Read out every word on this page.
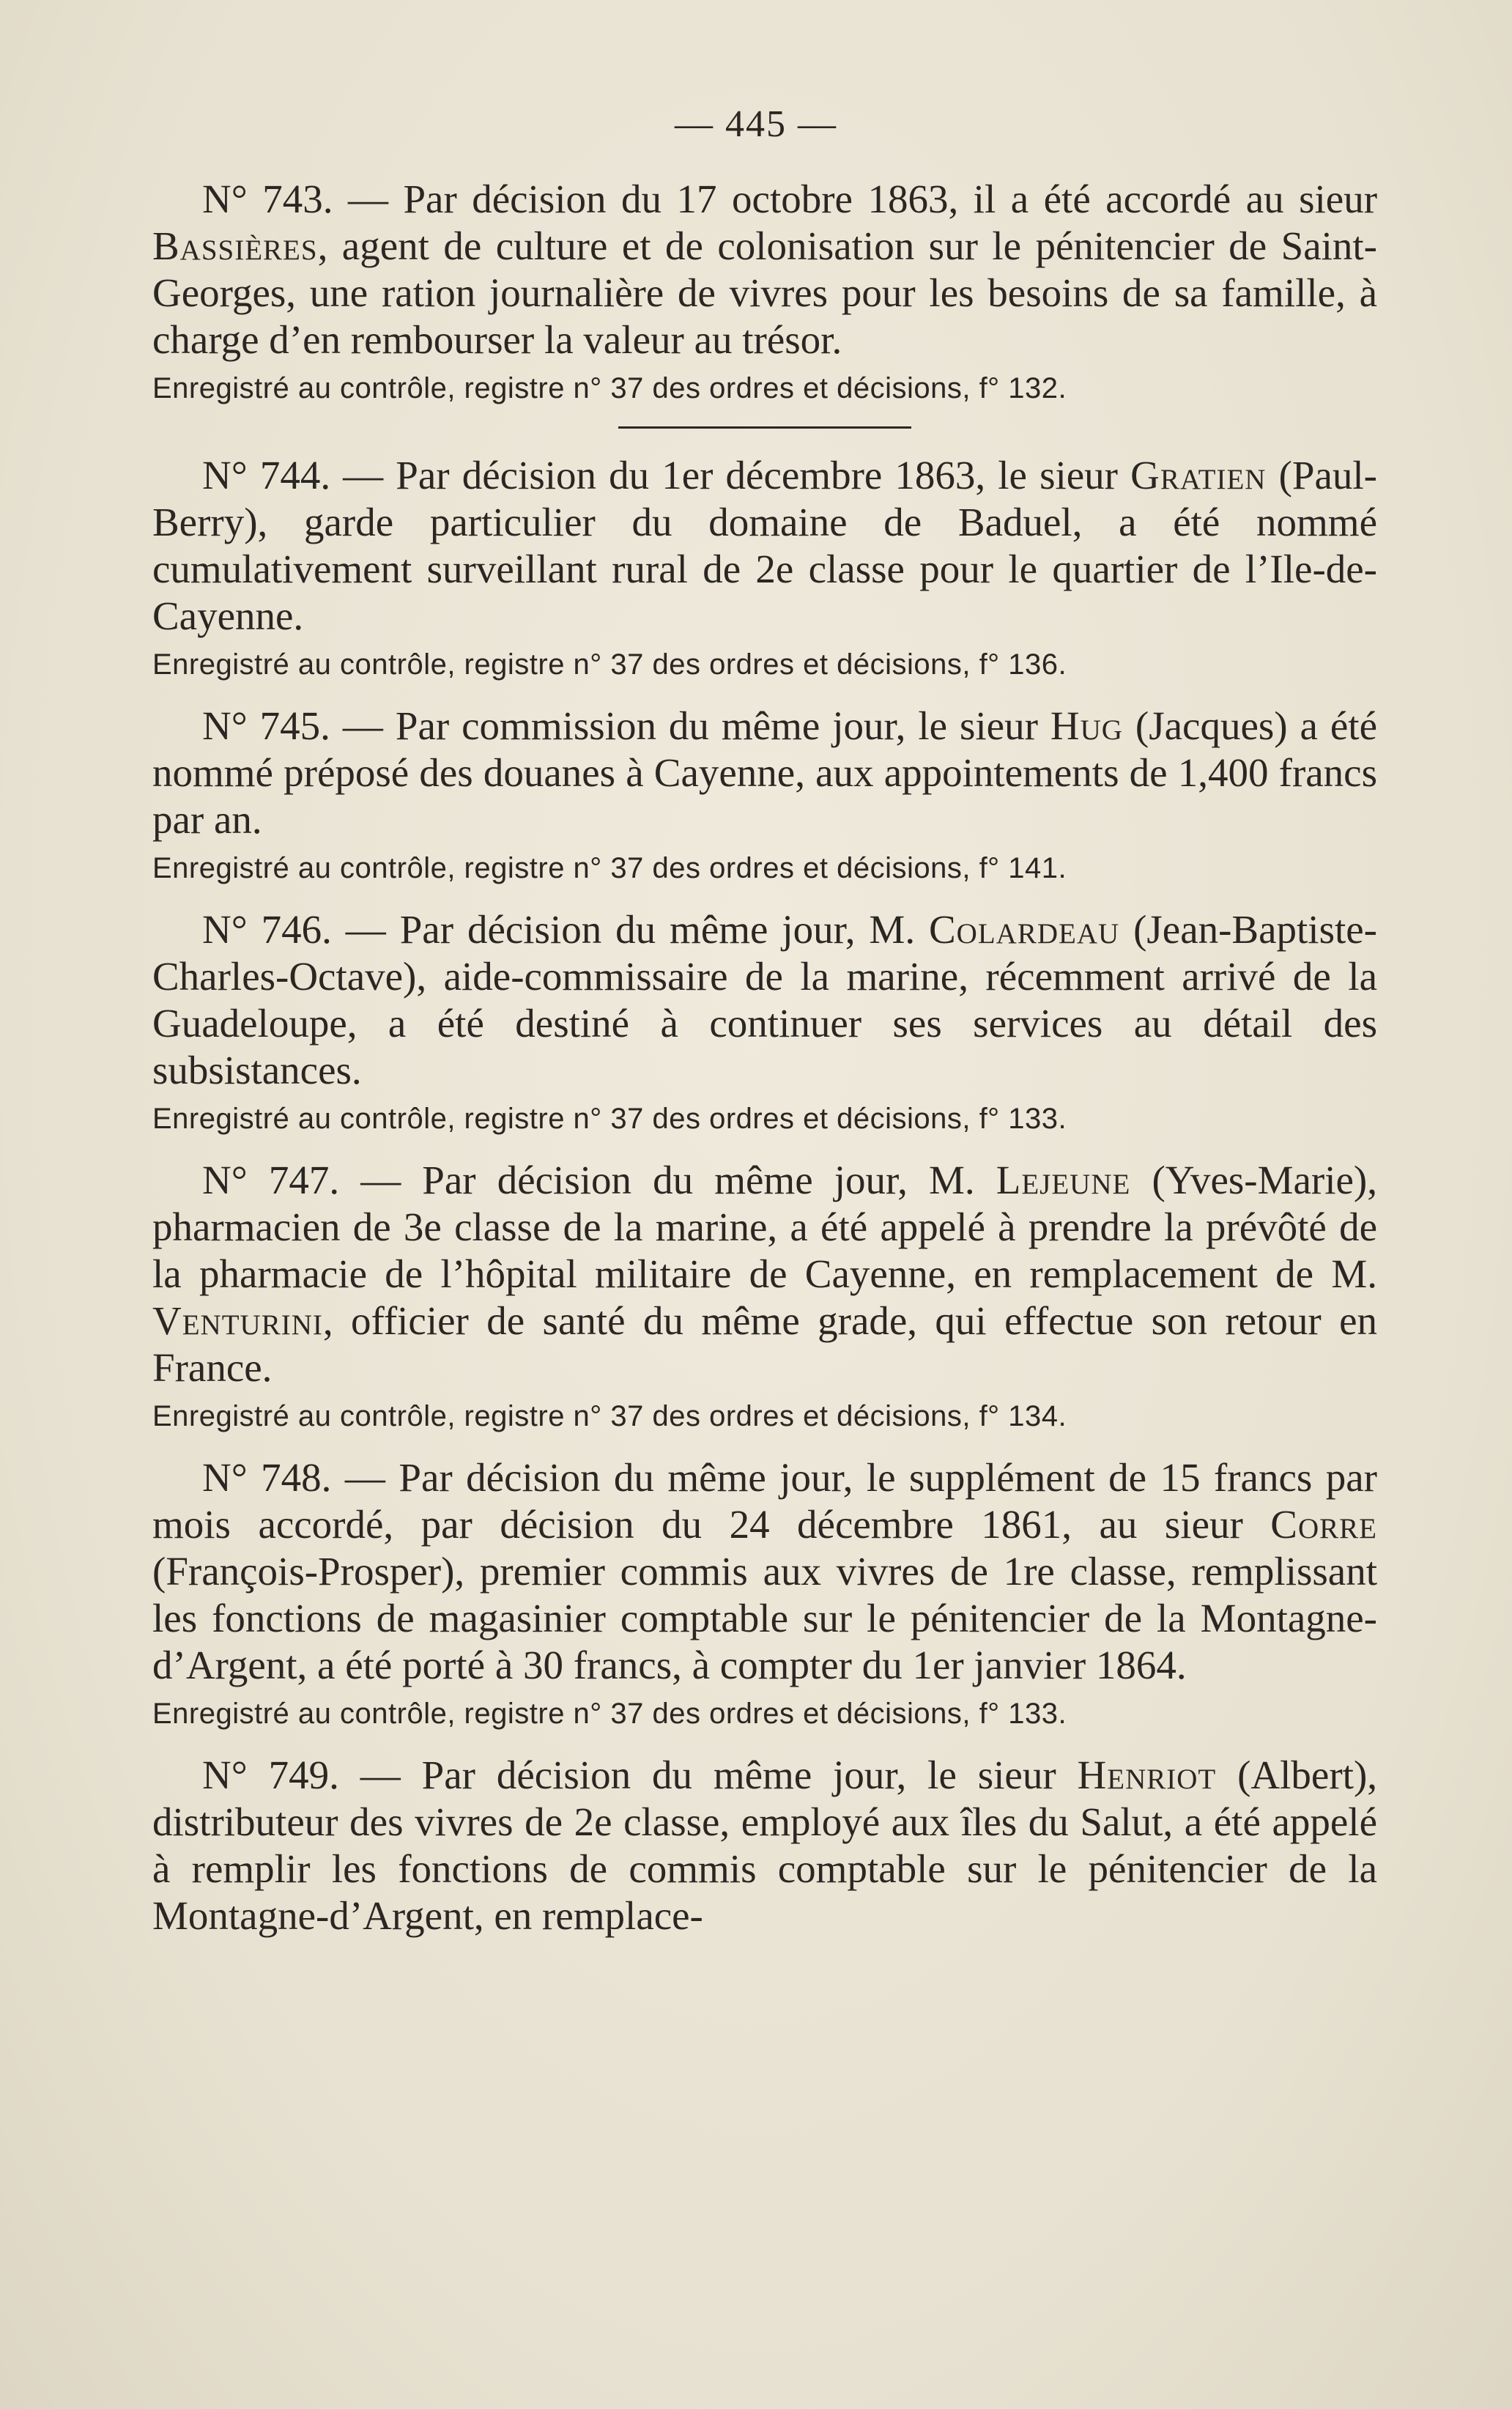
— 445 —

N° 743. — Par décision du 17 octobre 1863, il a été accordé au sieur Bassières, agent de culture et de colonisation sur le pénitencier de Saint-Georges, une ration journalière de vivres pour les besoins de sa famille, à charge d’en rembourser la valeur au trésor.

Enregistré au contrôle, registre n° 37 des ordres et décisions, f° 132.

N° 744. — Par décision du 1er décembre 1863, le sieur Gratien (Paul-Berry), garde particulier du domaine de Baduel, a été nommé cumulativement surveillant rural de 2e classe pour le quartier de l’Ile-de-Cayenne.

Enregistré au contrôle, registre n° 37 des ordres et décisions, f° 136.

N° 745. — Par commission du même jour, le sieur Hug (Jacques) a été nommé préposé des douanes à Cayenne, aux appointements de 1,400 francs par an.

Enregistré au contrôle, registre n° 37 des ordres et décisions, f° 141.

N° 746. — Par décision du même jour, M. Colardeau (Jean-Baptiste-Charles-Octave), aide-commissaire de la marine, récemment arrivé de la Guadeloupe, a été destiné à continuer ses services au détail des subsistances.

Enregistré au contrôle, registre n° 37 des ordres et décisions, f° 133.

N° 747. — Par décision du même jour, M. Lejeune (Yves-Marie), pharmacien de 3e classe de la marine, a été appelé à prendre la prévôté de la pharmacie de l’hôpital militaire de Cayenne, en remplacement de M. Venturini, officier de santé du même grade, qui effectue son retour en France.

Enregistré au contrôle, registre n° 37 des ordres et décisions, f° 134.

N° 748. — Par décision du même jour, le supplément de 15 francs par mois accordé, par décision du 24 décembre 1861, au sieur Corre (François-Prosper), premier commis aux vivres de 1re classe, remplissant les fonctions de magasinier comptable sur le pénitencier de la Montagne-d’Argent, a été porté à 30 francs, à compter du 1er janvier 1864.

Enregistré au contrôle, registre n° 37 des ordres et décisions, f° 133.

N° 749. — Par décision du même jour, le sieur Henriot (Albert), distributeur des vivres de 2e classe, employé aux îles du Salut, a été appelé à remplir les fonctions de commis comptable sur le pénitencier de la Montagne-d’Argent, en remplace-
